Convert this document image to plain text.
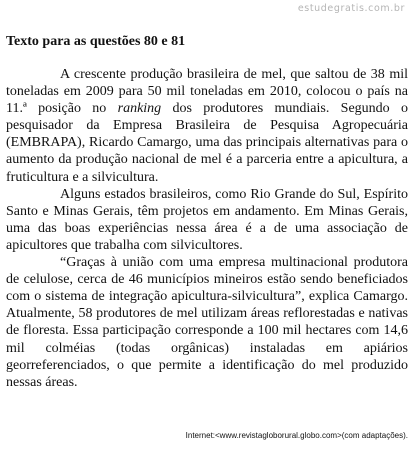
estudegratis.com.br
Texto para as questões 80 e 81

A crescente produção brasileira de mel, que saltou de 38 mil toneladas em 2009 para 50 mil toneladas em 2010, colocou o país na 11.ª posição no ranking dos produtores mundiais. Segundo o pesquisador da Empresa Brasileira de Pesquisa Agropecuária (EMBRAPA), Ricardo Camargo, uma das principais alternativas para o aumento da produção nacional de mel é a parceria entre a apicultura, a fruticultura e a silvicultura.

Alguns estados brasileiros, como Rio Grande do Sul, Espírito Santo e Minas Gerais, têm projetos em andamento. Em Minas Gerais, uma das boas experiências nessa área é a de uma associação de apicultores que trabalha com silvicultores.

“Graças à união com uma empresa multinacional produtora de celulose, cerca de 46 municípios mineiros estão sendo beneficiados com o sistema de integração apicultura-silvicultura”, explica Camargo. Atualmente, 58 produtores de mel utilizam áreas reflorestadas e nativas de floresta. Essa participação corresponde a 100 mil hectares com 14,6 mil colméias (todas orgânicas) instaladas em apiários georreferenciados, o que permite a identificação do mel produzido nessas áreas.

Internet:<www.revistagloborural.globo.com>(com adaptações).
